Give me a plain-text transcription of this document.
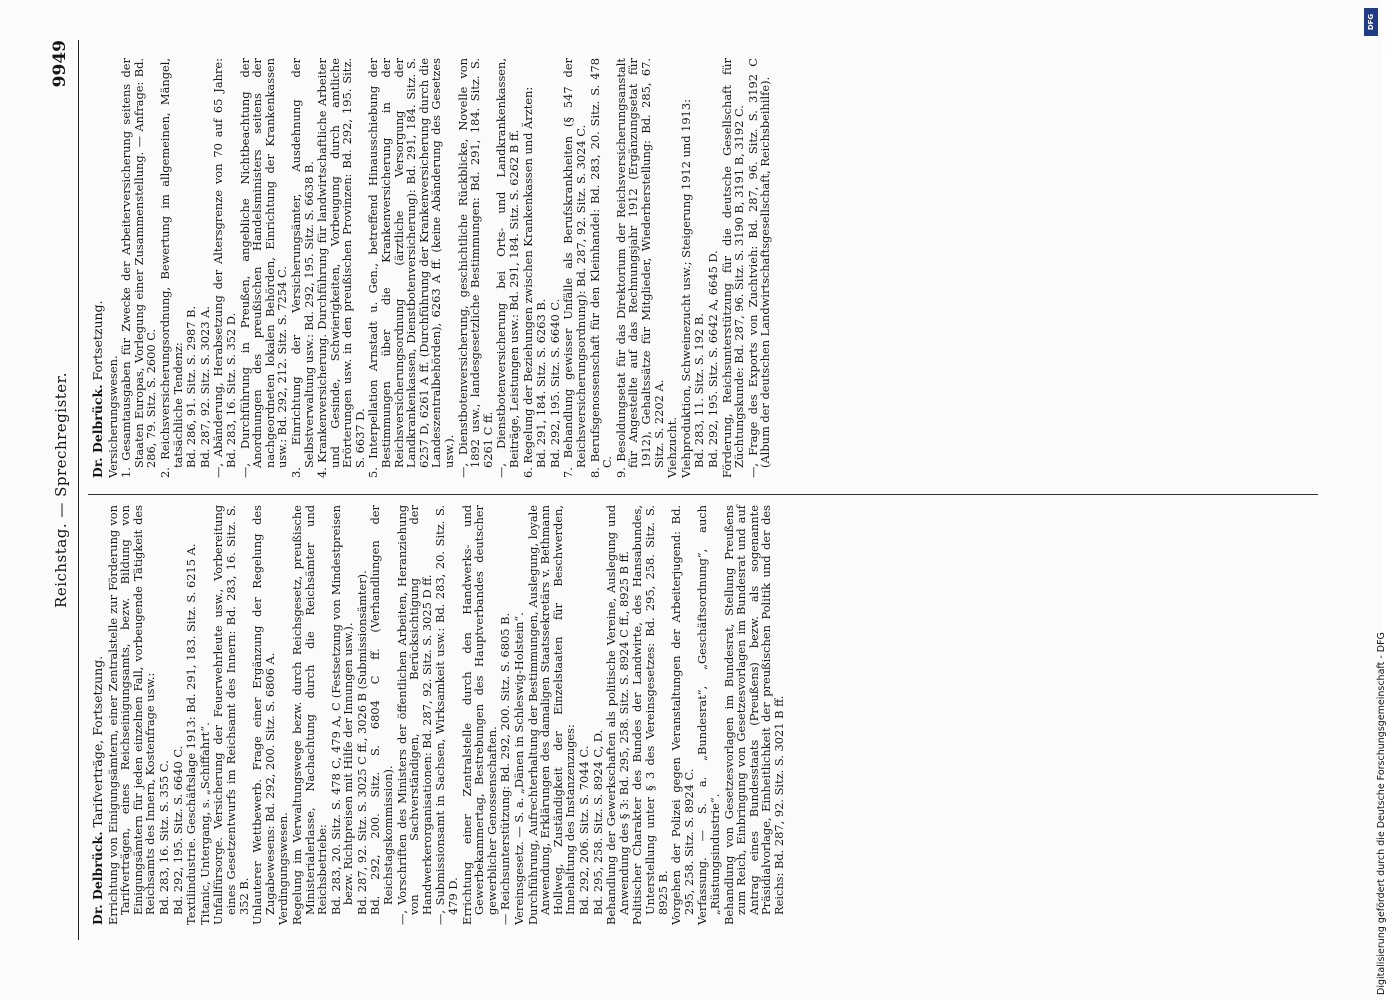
Reichstag. — Sprechregister.
9949
Dr. Delbrück. Tarifverträge, Fortsetzung. Errichtung von Einigungsämtern, einer Zentralstelle zur Förderung von Tarifverträgen, eines Reichseinigungsamts, bezw. Bildung von Einigungsämtern für jeden einzelnen Fall, vorbeugende Tätigkeit des Reichsamts des Innern, Kostenfrage usw.: Bd. 283, 16. Sitz. S. 355 C. Bd. 292, 195. Sitz. S. 6640 C. Textilindustrie. Geschäftslage 1913: Bd. 291, 183. Sitz. S. 6215 A. Titanic, Untergang, s. „Schiffahrt“. Unfallfürsorge. Versicherung der Feuerwehrleute usw., Vorbereitung eines Gesetzentwurfs im Reichsamt des Innern: Bd. 283, 16. Sitz. S. 352 B. Unlauterer Wettbewerb. Frage einer Ergänzung der Regelung des Zugabewesens: Bd. 292, 200. Sitz. S. 6806 A. Verdingungswesen. Regelung im Verwaltungswege bezw. durch Reichsgesetz, preußische Ministerialerlasse, Nachachtung durch die Reichsämter und Reichsbetriebe: Bd. 283, 20. Sitz. S. 478 C, 479 A, C (Festsetzung von Mindestpreisen bezw. Richtpreisen mit Hilfe der Innungen usw.). Bd. 287, 92. Sitz. S. 3025 C ff., 3026 B (Submissionsämter). Bd. 292, 200. Sitz. S. 6804 C ff. (Verhandlungen der Reichstagskommission). —, Vorschriften des Ministers der öffentlichen Arbeiten, Heranziehung von Sachverständigen, Berücksichtigung der Handwerkerorganisationen: Bd. 287, 92. Sitz. S. 3025 D ff. —, Submissionsamt in Sachsen, Wirksamkeit usw.: Bd. 283, 20. Sitz. S. 479 D. Errichtung einer Zentralstelle durch den Handwerks- und Gewerbekammertag, Bestrebungen des Hauptverbandes deutscher gewerblicher Genossenschaften. — Reichsunterstützung: Bd. 292, 200. Sitz. S. 6805 B. Vereinsgesetz. — S. a. „Dänen in Schleswig-Holstein“. Durchführung, Aufrechterhaltung der Bestimmungen, Auslegung, loyale Anwendung, Erklärungen des damaligen Staatssekretärs v. Bethmann Hollweg, Zuständigkeit der Einzelstaaten für Beschwerden, Innehaltung des Instanzenzuges: Bd. 292, 206. Sitz. S. 7044 C. Bd. 295, 258. Sitz. S. 8924 C, D. Behandlung der Gewerkschaften als politische Vereine, Auslegung und Anwendung des § 3: Bd. 295, 258. Sitz. S. 8924 C ff., 8925 B ff. Politischer Charakter des Bundes der Landwirte, des Hansabundes, Unterstellung unter § 3 des Vereinsgesetzes: Bd. 295, 258. Sitz. S. 8925 B. Vorgehen der Polizei gegen Veranstaltungen der Arbeiterjugend: Bd. 295, 258. Sitz. S. 8924 C. Verfassung. — S. a. „Bundesrat“, „Geschäftsordnung“, auch „Rüstungsindustrie“. Behandlung von Gesetzesvorlagen im Bundesrat, Stellung Preußens zum Reich, Einbringung von Gesetzesvorlagen im Bundesrat und auf Antrag eines Bundesstaats (Preußens) bezw. als sogenannte Präsidialvorlage, Einheitlichkeit der preußischen Politik und der des Reichs: Bd. 287, 92. Sitz. S. 3021 B ff.
Dr. Delbrück. Fortsetzung.
Versicherungswesen. 1. Gesamtausgaben für Zwecke der Arbeiterversicherung seitens der Staaten Europas, Vorlegung einer Zusammenstellung. — Anfrage: Bd. 286, 79. Sitz. S. 2600 C. 2. Reichsversicherungsordnung, Bewertung im allgemeinen, Mängel, tatsächliche Tendenz: Bd. 286, 91. Sitz. S. 2987 B. Bd. 287, 92. Sitz. S. 3023 A. —, Abänderung, Herabsetzung der Altersgrenze von 70 auf 65 Jahre: Bd. 283, 16. Sitz. S. 352 D. —, Durchführung in Preußen, angebliche Nichtbeachtung der Anordnungen des preußischen Handelsministers seitens der nachgeordneten lokalen Behörden, Einrichtung der Krankenkassen usw.: Bd. 292, 212. Sitz. S. 7254 C. 3. Einrichtung der Versicherungsämter, Ausdehnung der Selbstverwaltung usw.: Bd. 292, 195. Sitz. S. 6638 B. 4. Krankenversicherung. Durchführung für landwirtschaftliche Arbeiter und Gesinde, Schwierigkeiten, Vorbeugung durch amtliche Erörterungen usw. in den preußischen Provinzen: Bd. 292, 195. Sitz. S. 6637 D. 5. Interpellation Arnstadt u. Gen., betreffend Hinausschiebung der Bestimmungen über die Krankenversicherung in der Reichsversicherungsordnung (ärztliche Versorgung der Landkrankenkassen, Dienstbotenversicherung): Bd. 291, 184. Sitz. S. 6257 D, 6261 A ff. (Durchführung der Krankenversicherung durch die Landeszentralbehörden), 6263 A ff. (keine Abänderung des Gesetzes usw.). —, Dienstbotenversicherung, geschichtliche Rückblicke, Novelle von 1892 usw., landesgesetzliche Bestimmungen: Bd. 291, 184. Sitz. S. 6261 C ff. —, Dienstbotenversicherung bei Orts- und Landkrankenkassen, Beiträge, Leistungen usw.: Bd. 291, 184. Sitz. S. 6262 B ff. 6. Regelung der Beziehungen zwischen Krankenkassen und Ärzten: Bd. 291, 184. Sitz. S. 6263 B. Bd. 292, 195. Sitz. S. 6640 C. 7. Behandlung gewisser Unfälle als Berufskrankheiten (§ 547 der Reichsversicherungsordnung): Bd. 287, 92. Sitz. S. 3024 C. 8. Berufsgenossenschaft für den Kleinhandel: Bd. 283, 20. Sitz. S. 478 C. 9. Besoldungsetat für das Direktorium der Reichsversicherungsanstalt für Angestellte auf das Rechnungsjahr 1912 (Ergänzungsetat für 1912), Gehaltssätze für Mitglieder, Wiederherstellung: Bd. 285, 67. Sitz. S. 2202 A. Viehzucht. Viehproduktion, Schweinezucht usw.; Steigerung 1912 und 1913: Bd. 283, 11. Sitz. S. 192 B. Bd. 292, 195. Sitz. S. 6642 A, 6645 D. Förderung, Reichsunterstützung für die deutsche Gesellschaft für Züchtungskunde: Bd. 287, 96. Sitz. S. 3190 B, 3191 B, 3192 C. —, Frage des Exports von Zuchtvieh: Bd. 287, 96. Sitz. S. 3192 C (Album der deutschen Landwirtschaftsgesellschaft, Reichsbeihilfe).
Digitalisierung gefördert durch die Deutsche Forschungsgemeinschaft - DFG
DFG
